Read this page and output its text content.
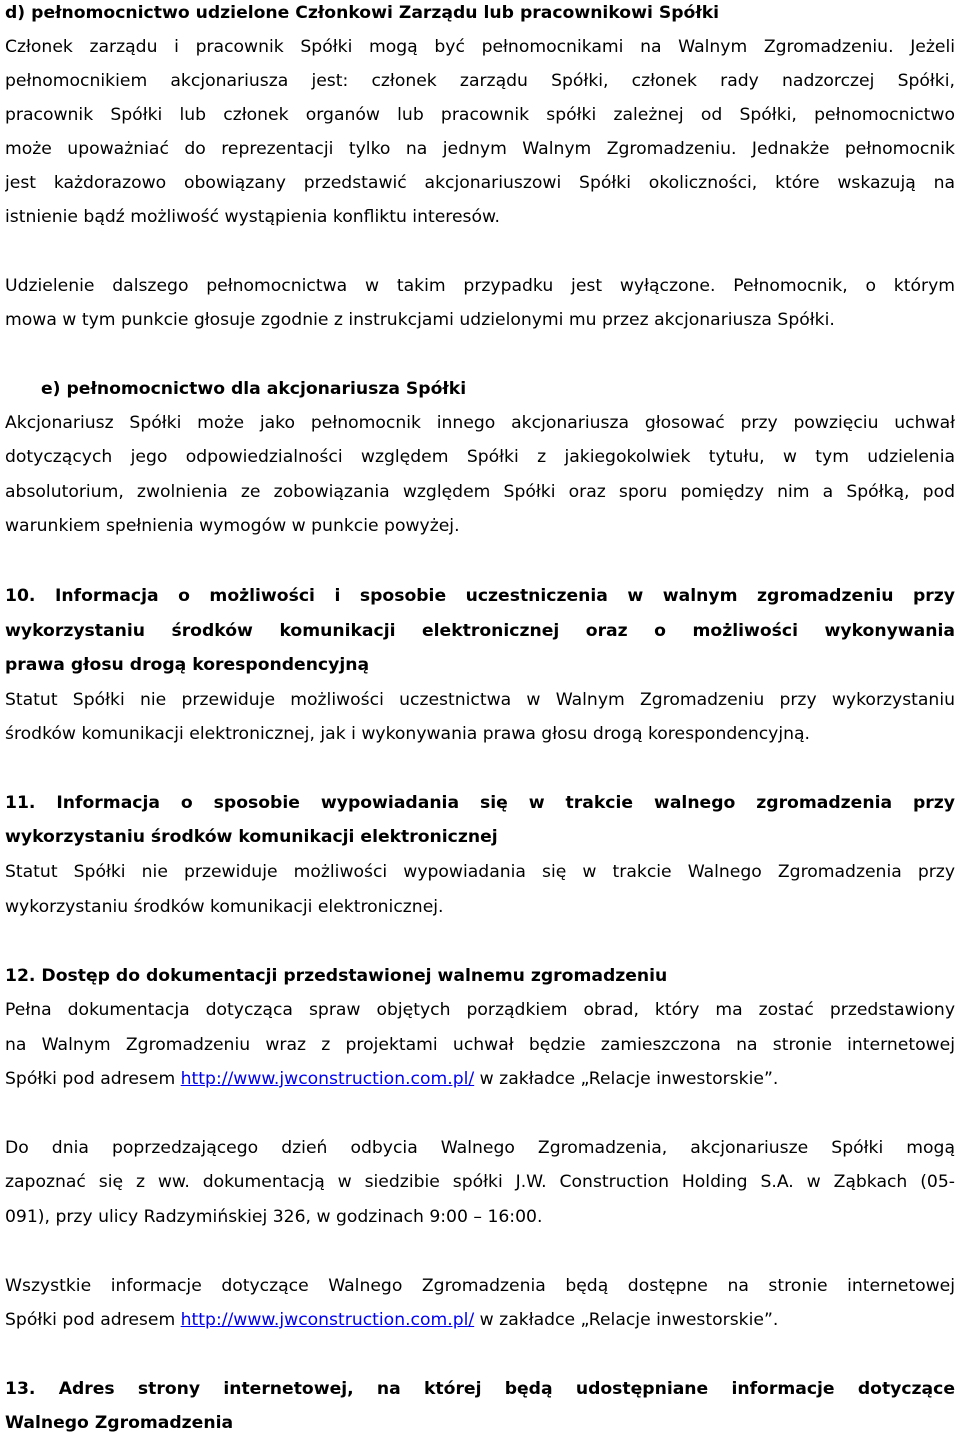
d) pełnomocnictwo udzielone Członkowi Zarządu lub pracownikowi Spółki
Członek zarządu i pracownik Spółki mogą być pełnomocnikami na Walnym Zgromadzeniu. Jeżeli
pełnomocnikiem akcjonariusza jest: członek zarządu Spółki, członek rady nadzorczej Spółki,
pracownik Spółki lub członek organów lub pracownik spółki zależnej od Spółki, pełnomocnictwo
może upoważniać do reprezentacji tylko na jednym Walnym Zgromadzeniu. Jednakże pełnomocnik
jest każdorazowo obowiązany przedstawić akcjonariuszowi Spółki okoliczności, które wskazują na
istnienie bądź możliwość wystąpienia konfliktu interesów.
Udzielenie dalszego pełnomocnictwa w takim przypadku jest wyłączone. Pełnomocnik, o którym
mowa w tym punkcie głosuje zgodnie z instrukcjami udzielonymi mu przez akcjonariusza Spółki.
e) pełnomocnictwo dla akcjonariusza Spółki
Akcjonariusz Spółki może jako pełnomocnik innego akcjonariusza głosować przy powzięciu uchwał
dotyczących jego odpowiedzialności względem Spółki z jakiegokolwiek tytułu, w tym udzielenia
absolutorium, zwolnienia ze zobowiązania względem Spółki oraz sporu pomiędzy nim a Spółką, pod
warunkiem spełnienia wymogów w punkcie powyżej.
10. Informacja o możliwości i sposobie uczestniczenia w walnym zgromadzeniu przy
wykorzystaniu środków komunikacji elektronicznej oraz o możliwości wykonywania
prawa głosu drogą korespondencyjną
Statut Spółki nie przewiduje możliwości uczestnictwa w Walnym Zgromadzeniu przy wykorzystaniu
środków komunikacji elektronicznej, jak i wykonywania prawa głosu drogą korespondencyjną.
11. Informacja o sposobie wypowiadania się w trakcie walnego zgromadzenia przy
wykorzystaniu środków komunikacji elektronicznej
Statut Spółki nie przewiduje możliwości wypowiadania się w trakcie Walnego Zgromadzenia przy
wykorzystaniu środków komunikacji elektronicznej.
12. Dostęp do dokumentacji przedstawionej walnemu zgromadzeniu
Pełna dokumentacja dotycząca spraw objętych porządkiem obrad, który ma zostać przedstawiony
na Walnym Zgromadzeniu wraz z projektami uchwał będzie zamieszczona na stronie internetowej
Spółki pod adresem http://www.jwconstruction.com.pl/ w zakładce „Relacje inwestorskie”.
Do dnia poprzedzającego dzień odbycia Walnego Zgromadzenia, akcjonariusze Spółki mogą
zapoznać się z ww. dokumentacją w siedzibie spółki J.W. Construction Holding S.A. w Ząbkach (05-
091), przy ulicy Radzymińskiej 326, w godzinach 9:00 – 16:00.
Wszystkie informacje dotyczące Walnego Zgromadzenia będą dostępne na stronie internetowej
Spółki pod adresem http://www.jwconstruction.com.pl/ w zakładce „Relacje inwestorskie”.
13. Adres strony internetowej, na której będą udostępniane informacje dotyczące
Walnego Zgromadzenia
